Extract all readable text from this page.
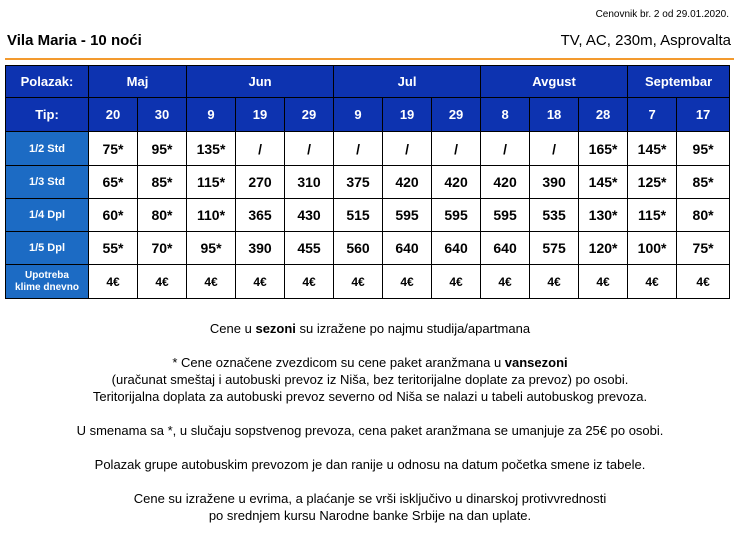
Cenovnik br. 2 od 29.01.2020.
Vila Maria - 10 noći	TV, AC, 230m, Asprovalta
Polazak:	Maj		Jun			Jul			Avgust			Septembar	
Tip:	20	30	9	19	29	9	19	29	8	18	28	7	17
1/2 Std	75*	95*	135*	/	/	/	/	/	/	/	165*	145*	95*
1/3 Std	65*	85*	115*	270	310	375	420	420	420	390	145*	125*	85*
1/4 Dpl	60*	80*	110*	365	430	515	595	595	595	535	130*	115*	80*
1/5 Dpl	55*	70*	95*	390	455	560	640	640	640	575	120*	100*	75*
Upotreba
klime dnevno	4€	4€	4€	4€	4€	4€	4€	4€	4€	4€	4€	4€	4€

Cene u sezoni su izražene po najmu studija/apartmana

* Cene označene zvezdicom su cene paket aranžmana u vansezoni

(uračunat smeštaj i autobuski prevoz iz Niša, bez teritorijalne doplate za prevoz) po osobi.

Teritorijalna doplata za autobuski prevoz severno od Niša se nalazi u tabeli autobuskog prevoza.

U smenama sa *, u slučaju sopstvenog prevoza, cena paket aranžmana se umanjuje za 25€ po osobi.

Polazak grupe autobuskim prevozom je dan ranije u odnosu na datum početka smene iz tabele.

Cene su izražene u evrima, a plaćanje se vrši isključivo u dinarskoj protivvrednosti

po srednjem kursu Narodne banke Srbije na dan uplate.
